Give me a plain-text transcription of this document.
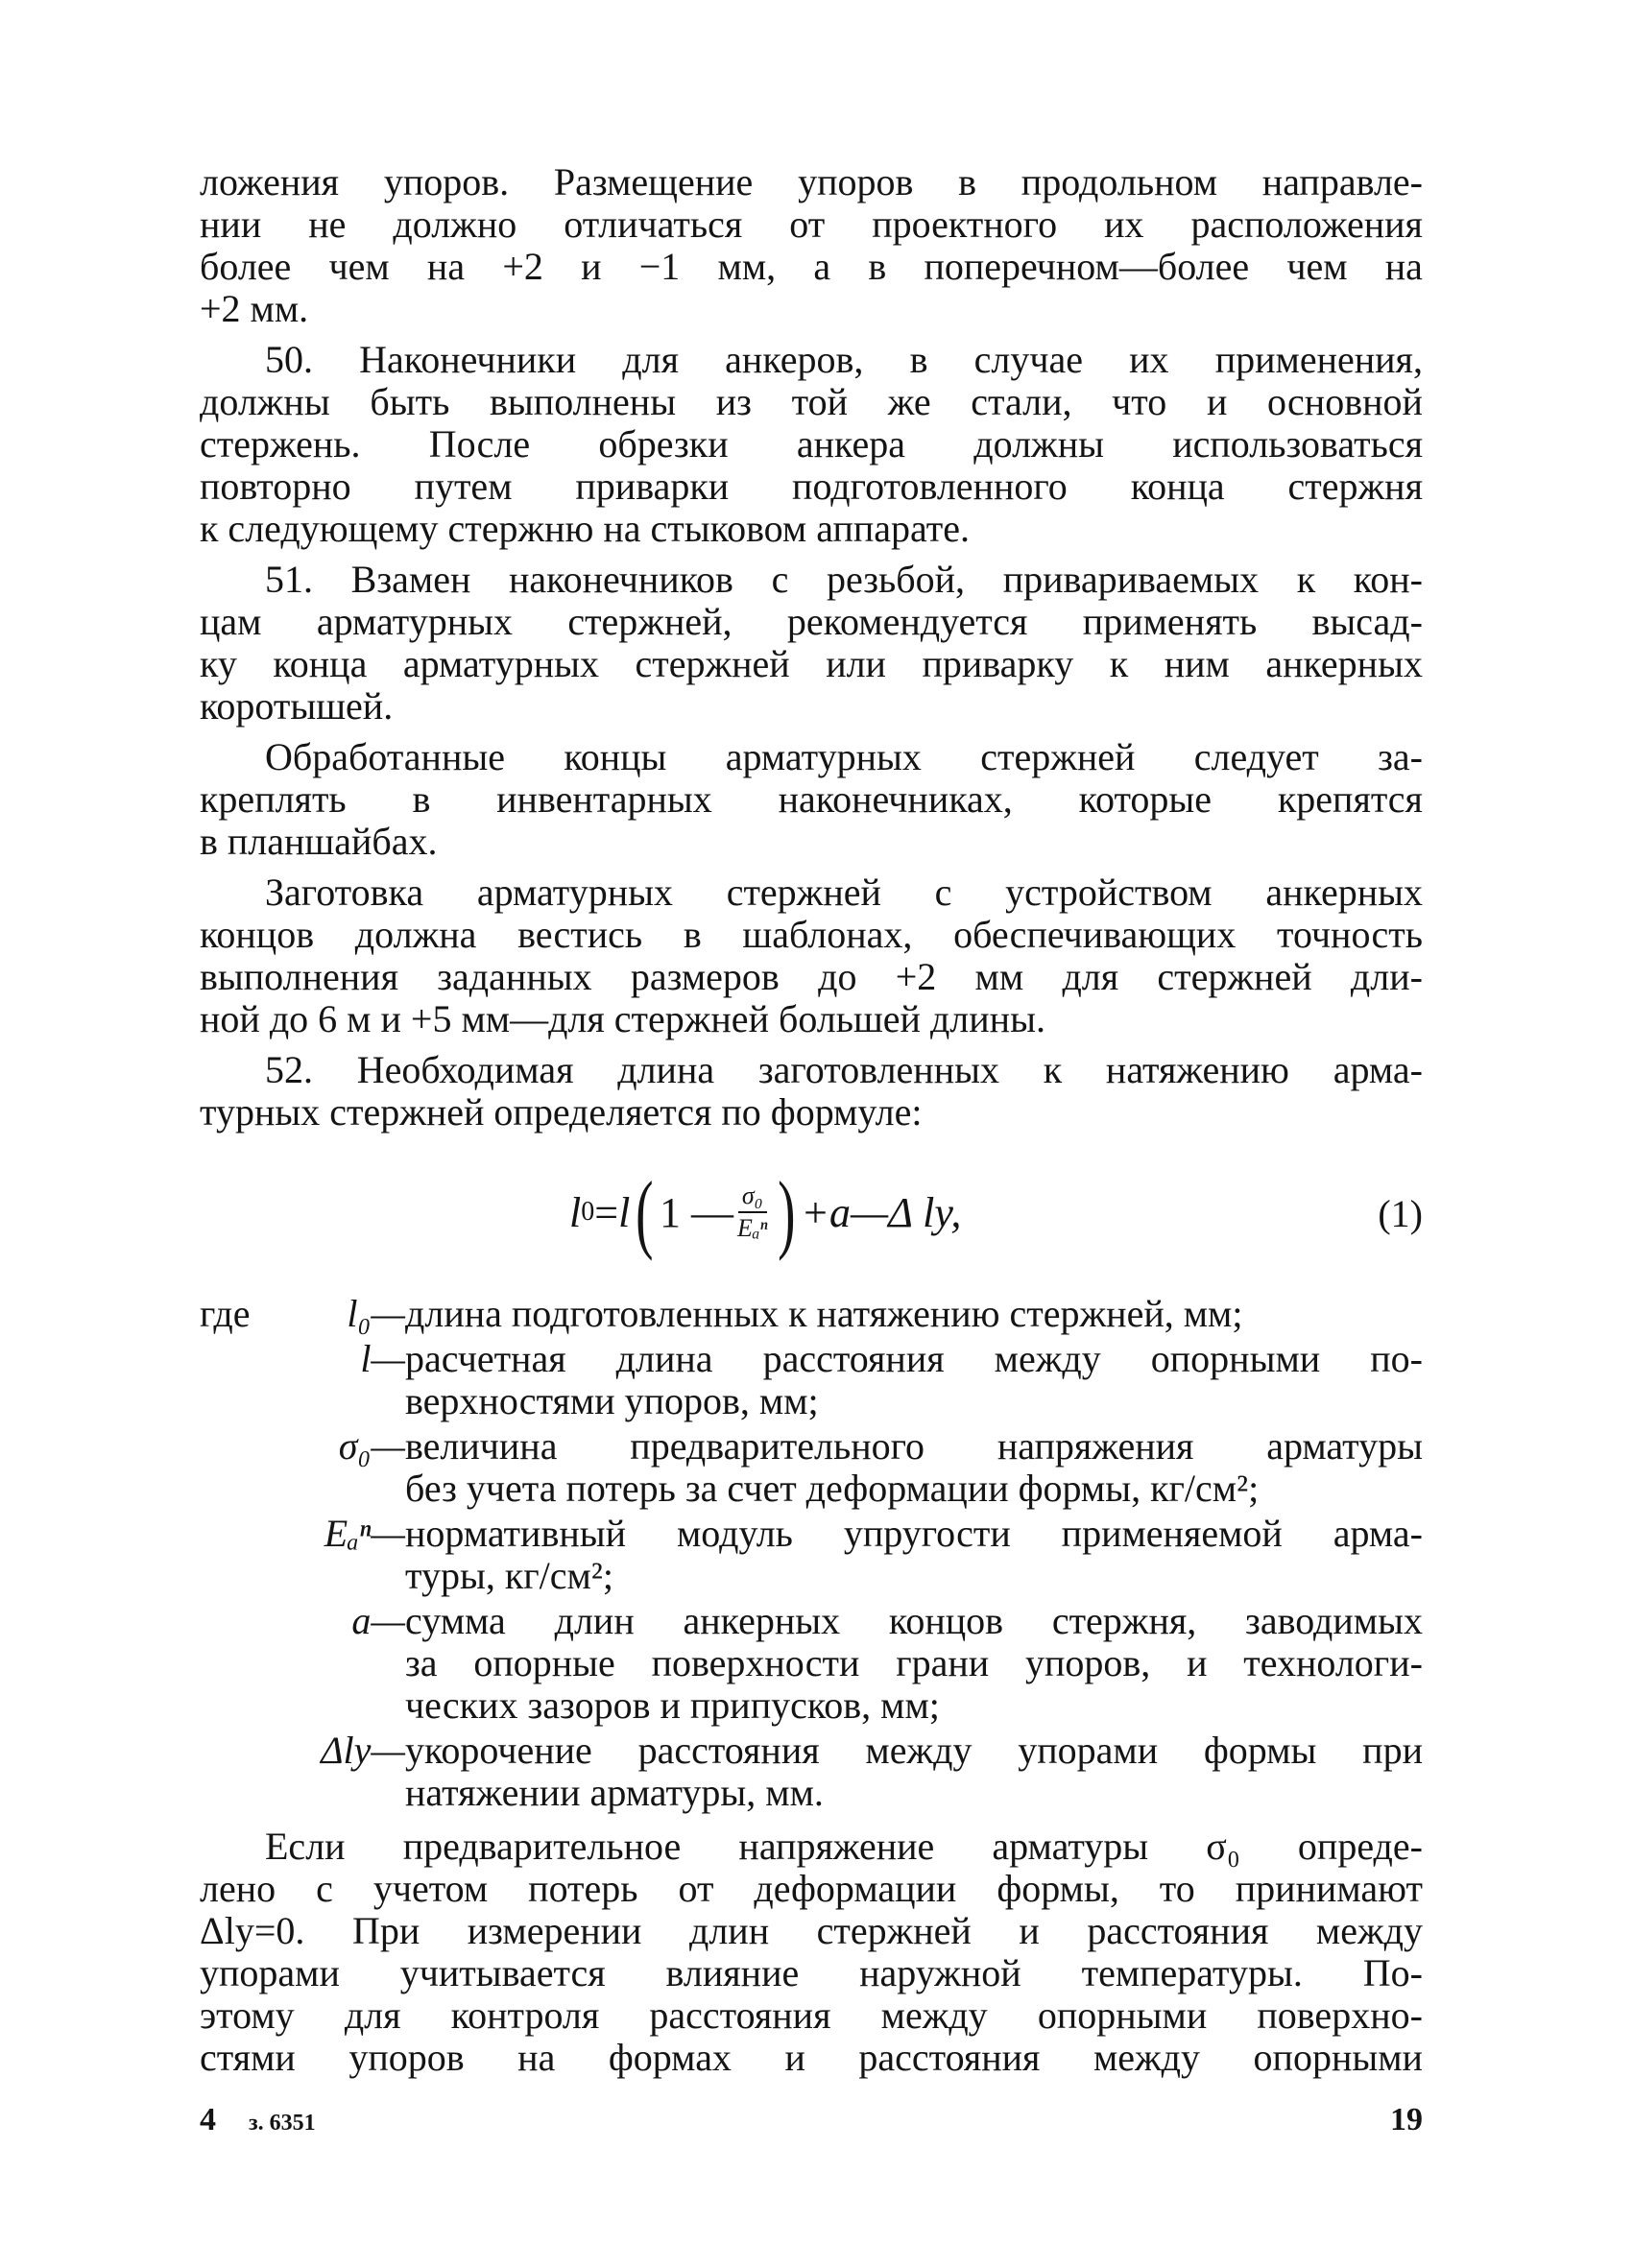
ложения упоров. Размещение упоров в продольном направле-
нии не должно отличаться от проектного их расположения
более чем на +2 и −1 мм, а в поперечном—более чем на
+2 мм.
50. Наконечники для анкеров, в случае их применения,
должны быть выполнены из той же стали, что и основной
стержень. После обрезки анкера должны использоваться
повторно путем приварки подготовленного конца стержня
к следующему стержню на стыковом аппарате.
51. Взамен наконечников с резьбой, привариваемых к кон-
цам арматурных стержней, рекомендуется применять высад-
ку конца арматурных стержней или приварку к ним анкерных
коротышей.
Обработанные концы арматурных стержней следует за-
креплять в инвентарных наконечниках, которые крепятся
в планшайбах.
Заготовка арматурных стержней с устройством анкерных
концов должна вестись в шаблонах, обеспечивающих точность
выполнения заданных размеров до +2 мм для стержней дли-
ной до 6 м и +5 мм—для стержней большей длины.
52. Необходимая длина заготовленных к натяжению арма-
турных стержней определяется по формуле:
l 0 = l ( 1 — $\frac{\text{σ₀}}{\text{Eₐⁿ}}$ ) +a—Δ ly,	(1)
где	l₀— длина подготовленных к натяжению стержней, мм;
l— расчетная длина расстояния между опорными по-
верхностями упоров, мм;
σ₀— величина предварительного напряжения арматуры
без учета потерь за счет деформации формы, кг/см²;
Eₐⁿ— нормативный модуль упругости применяемой арма-
туры, кг/см²;
a— сумма длин анкерных концов стержня, заводимых
за опорные поверхности грани упоров, и технологи-
ческих зазоров и припусков, мм;
Δly— укорочение расстояния между упорами формы при
натяжении арматуры, мм.
Если предварительное напряжение арматуры σ₀ опреде-
лено с учетом потерь от деформации формы, то принимают
Δly=0. При измерении длин стержней и расстояния между
упорами учитывается влияние наружной температуры. По-
этому для контроля расстояния между опорными поверхно-
стями упоров на формах и расстояния между опорными
4 з. 6351	19
